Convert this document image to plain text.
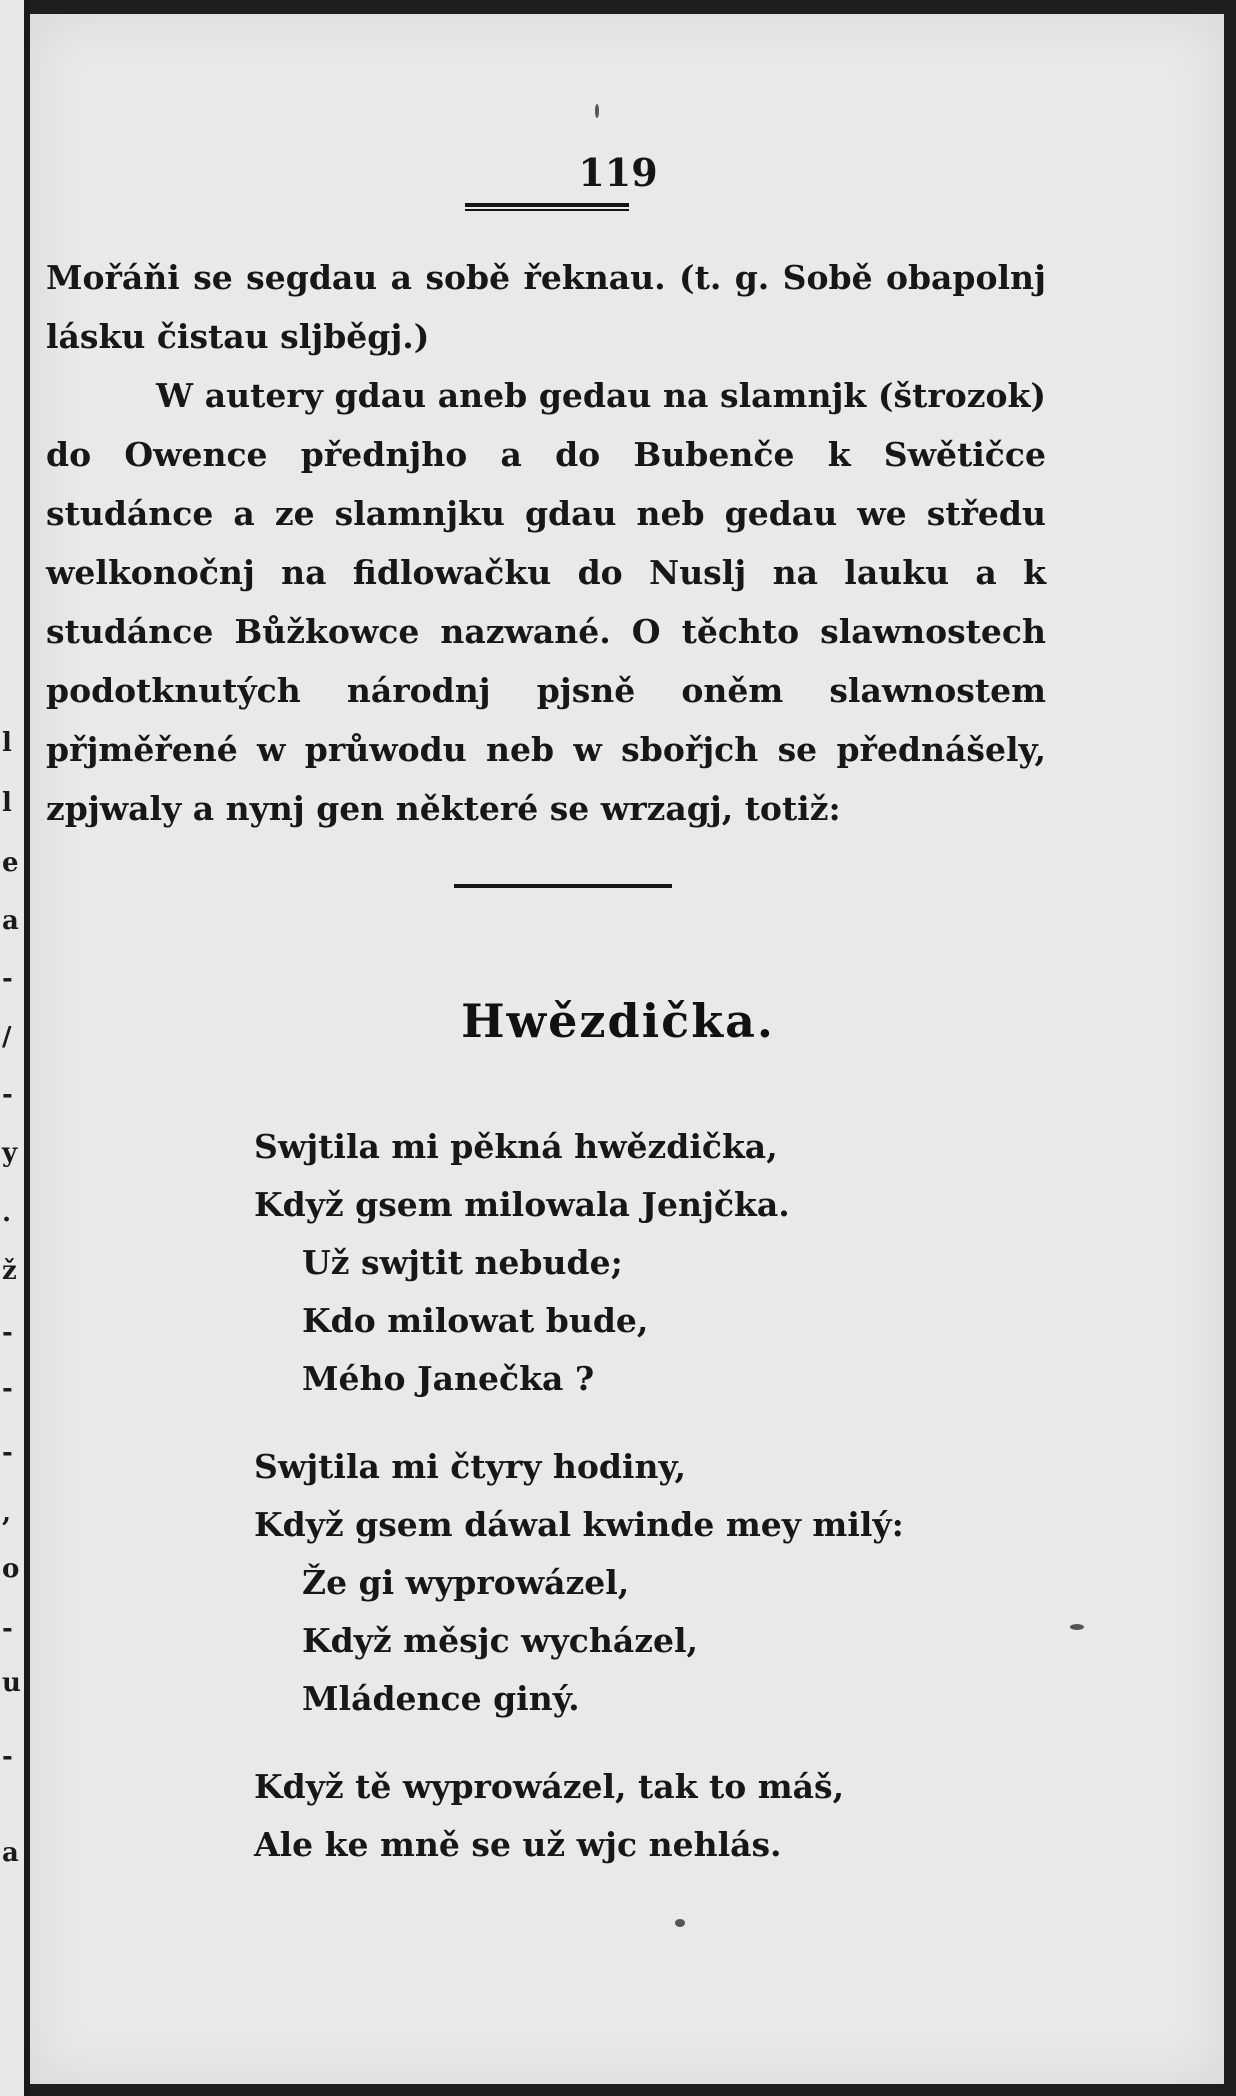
l
l
e
a
-
/
-
y
.
ž
-
-
-
,
o
-
u
-
a
119

Mořáňi se segdau a sobě řeknau. (t. g. Sobě obapolnj lásku čistau sljběgj.)

W autery gdau aneb gedau na slamnjk (štrozok) do Owence přednjho a do Bubenče k Swětičce studánce a ze slamnjku gdau neb gedau we středu welkonočnj na fidlowačku do Nuslj na lauku a k studánce Bůžkowce nazwané. O těchto slawnostech podotknutých národnj pjsně oněm slawnostem přjměřené w průwodu neb w sbořjch se přednášely, zpjwaly a nynj gen některé se wrzagj, totiž:

Hwězdička.
Swjtila mi pěkná hwězdička,
Když gsem milowala Jenjčka.
Už swjtit nebude;
Kdo milowat bude,
Mého Janečka ?
Swjtila mi čtyry hodiny,
Když gsem dáwal kwinde mey milý:
Že gi wyprowázel,
Když měsjc wycházel,
Mládence giný.
Když tě wyprowázel, tak to máš,
Ale ke mně se už wjc nehlás.
